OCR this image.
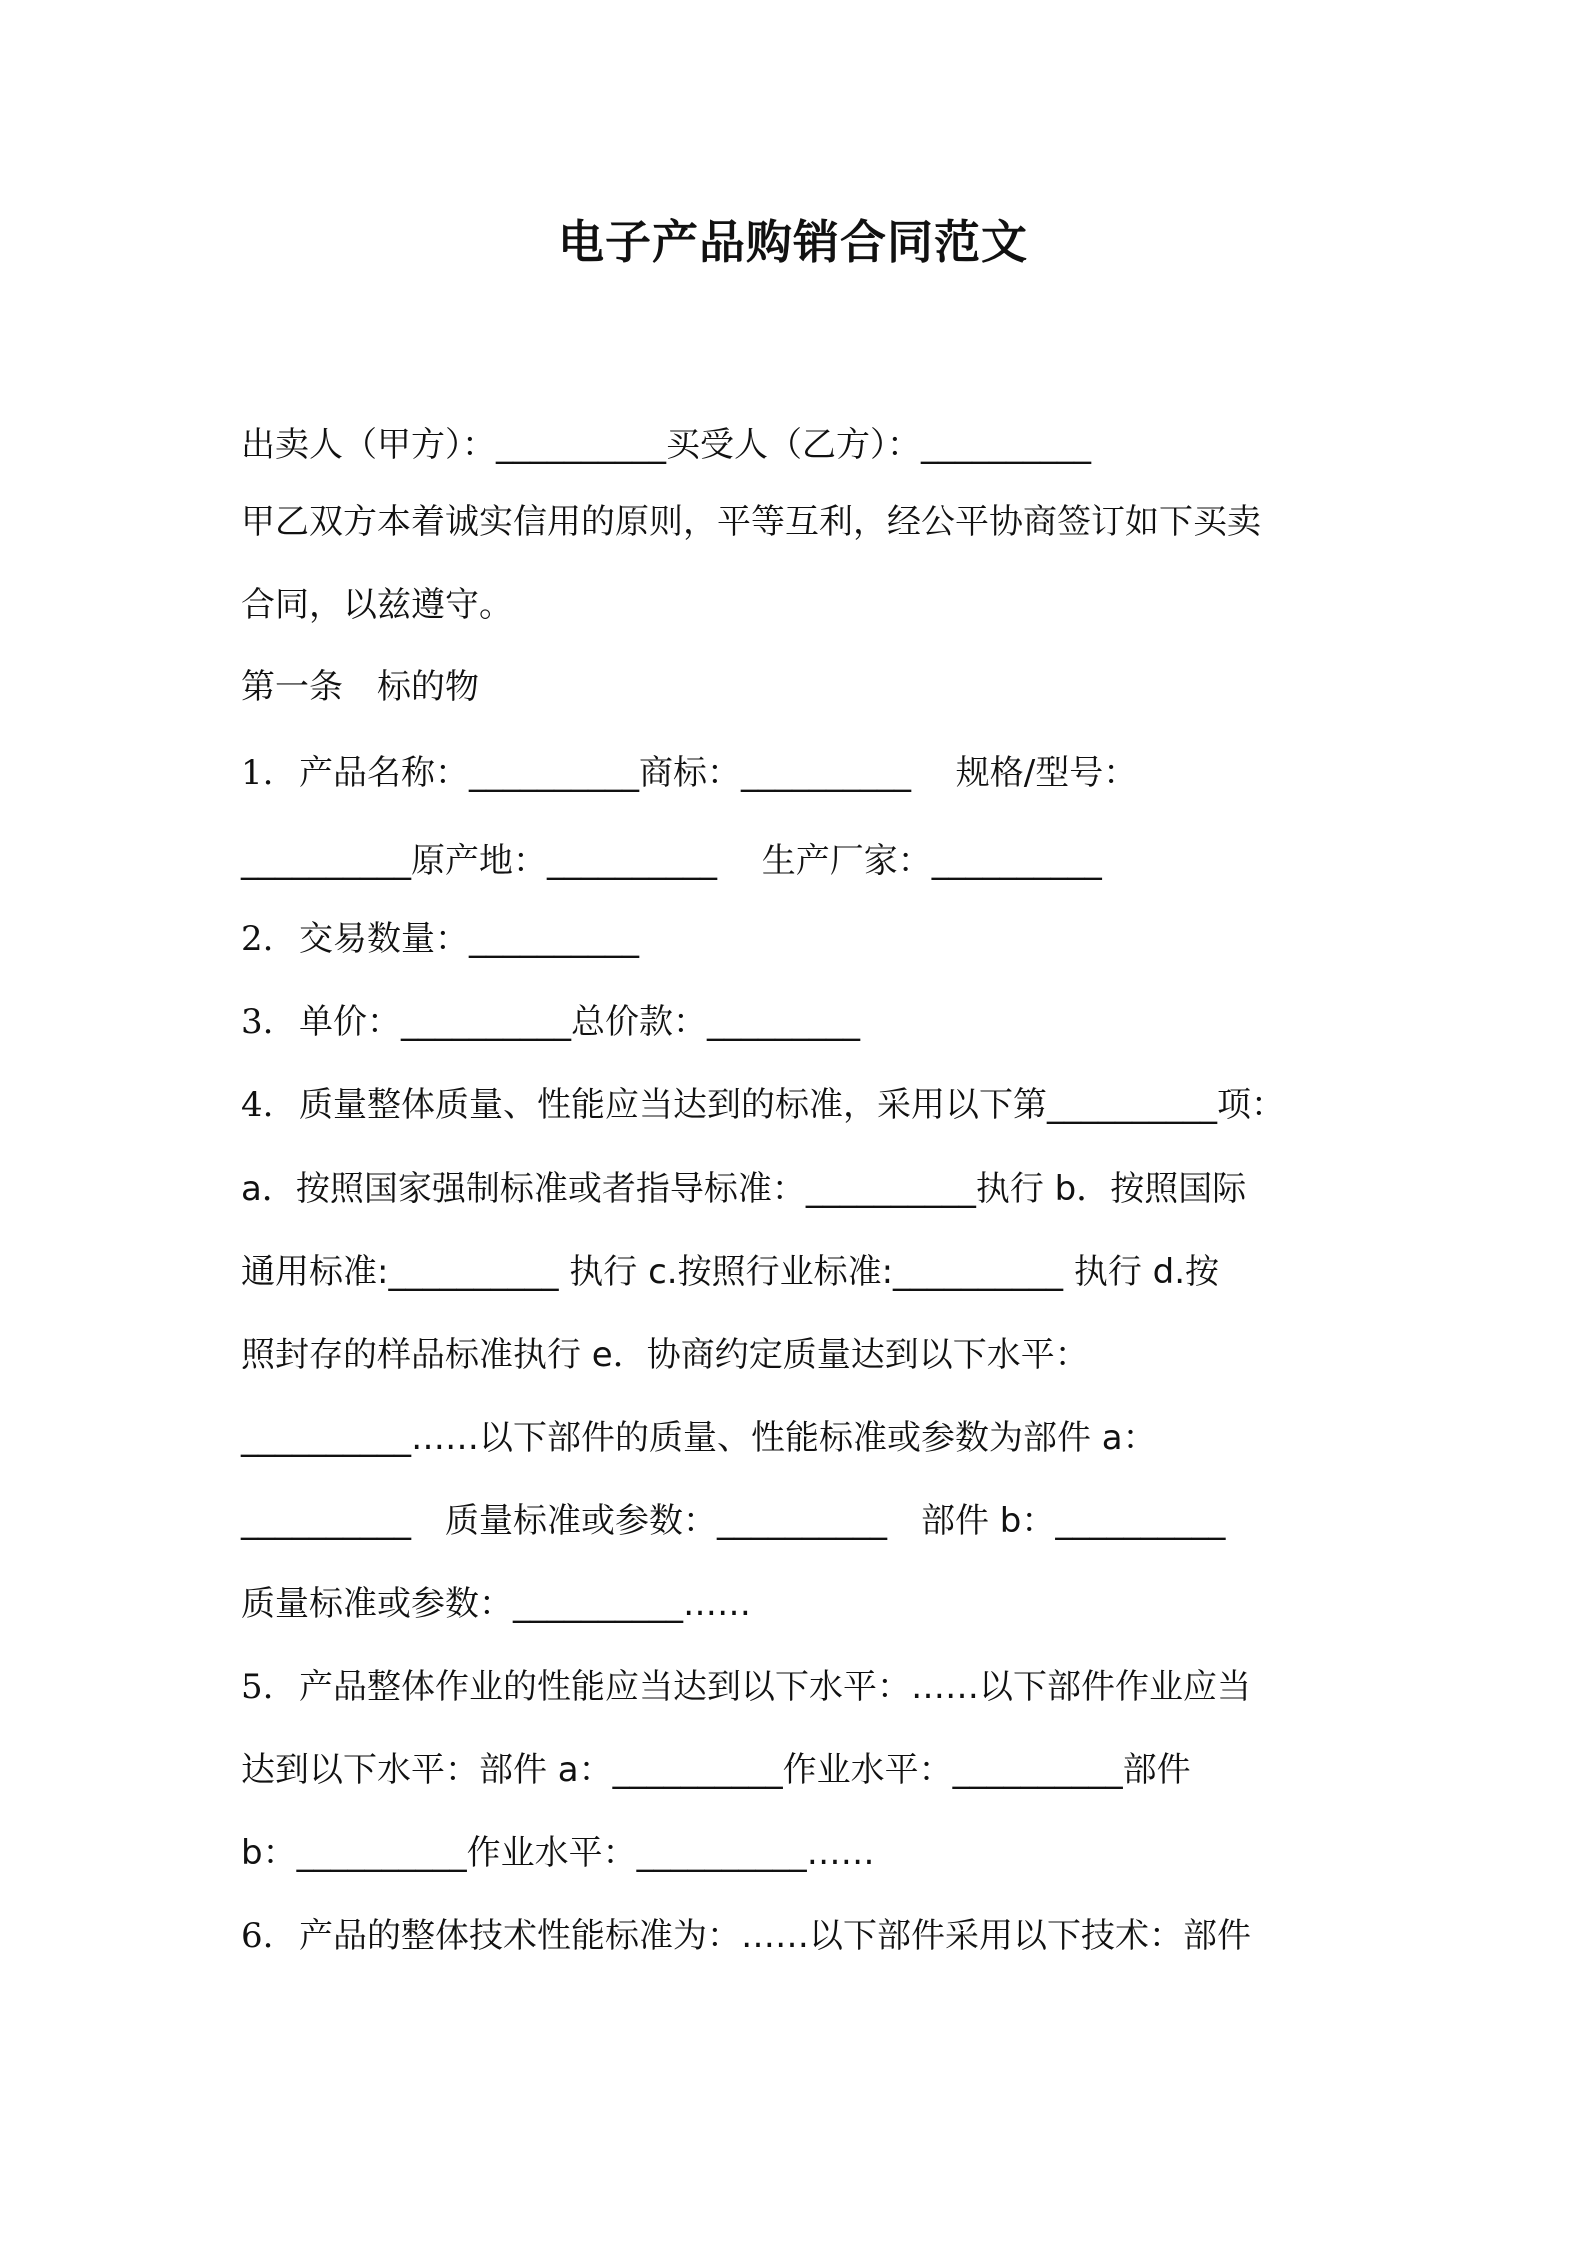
电子产品购销合同范文
出卖人（甲方）：__________买受人（乙方）：__________
甲乙双方本着诚实信用的原则，平等互利，经公平协商签订如下买卖
合同，以兹遵守。
第一条　标的物
1. 产品名称：__________商标：__________　 规格/型号：
__________原产地：__________　 生产厂家：__________
2. 交易数量：__________
3. 单价：__________总价款：_________
4. 质量整体质量、性能应当达到的标准，采用以下第__________项：
a．按照国家强制标准或者指导标准：__________执行 b．按照国际
通用标准:__________ 执行 c.按照行业标准:__________ 执行 d.按
照封存的样品标准执行 e．协商约定质量达到以下水平：
__________……以下部件的质量、性能标准或参数为部件 a：
__________　质量标准或参数：__________　部件 b：__________
质量标准或参数：__________……
5. 产品整体作业的性能应当达到以下水平：……以下部件作业应当
达到以下水平：部件 a：__________作业水平：__________部件
b：__________作业水平：__________……
6. 产品的整体技术性能标准为：……以下部件采用以下技术：部件
